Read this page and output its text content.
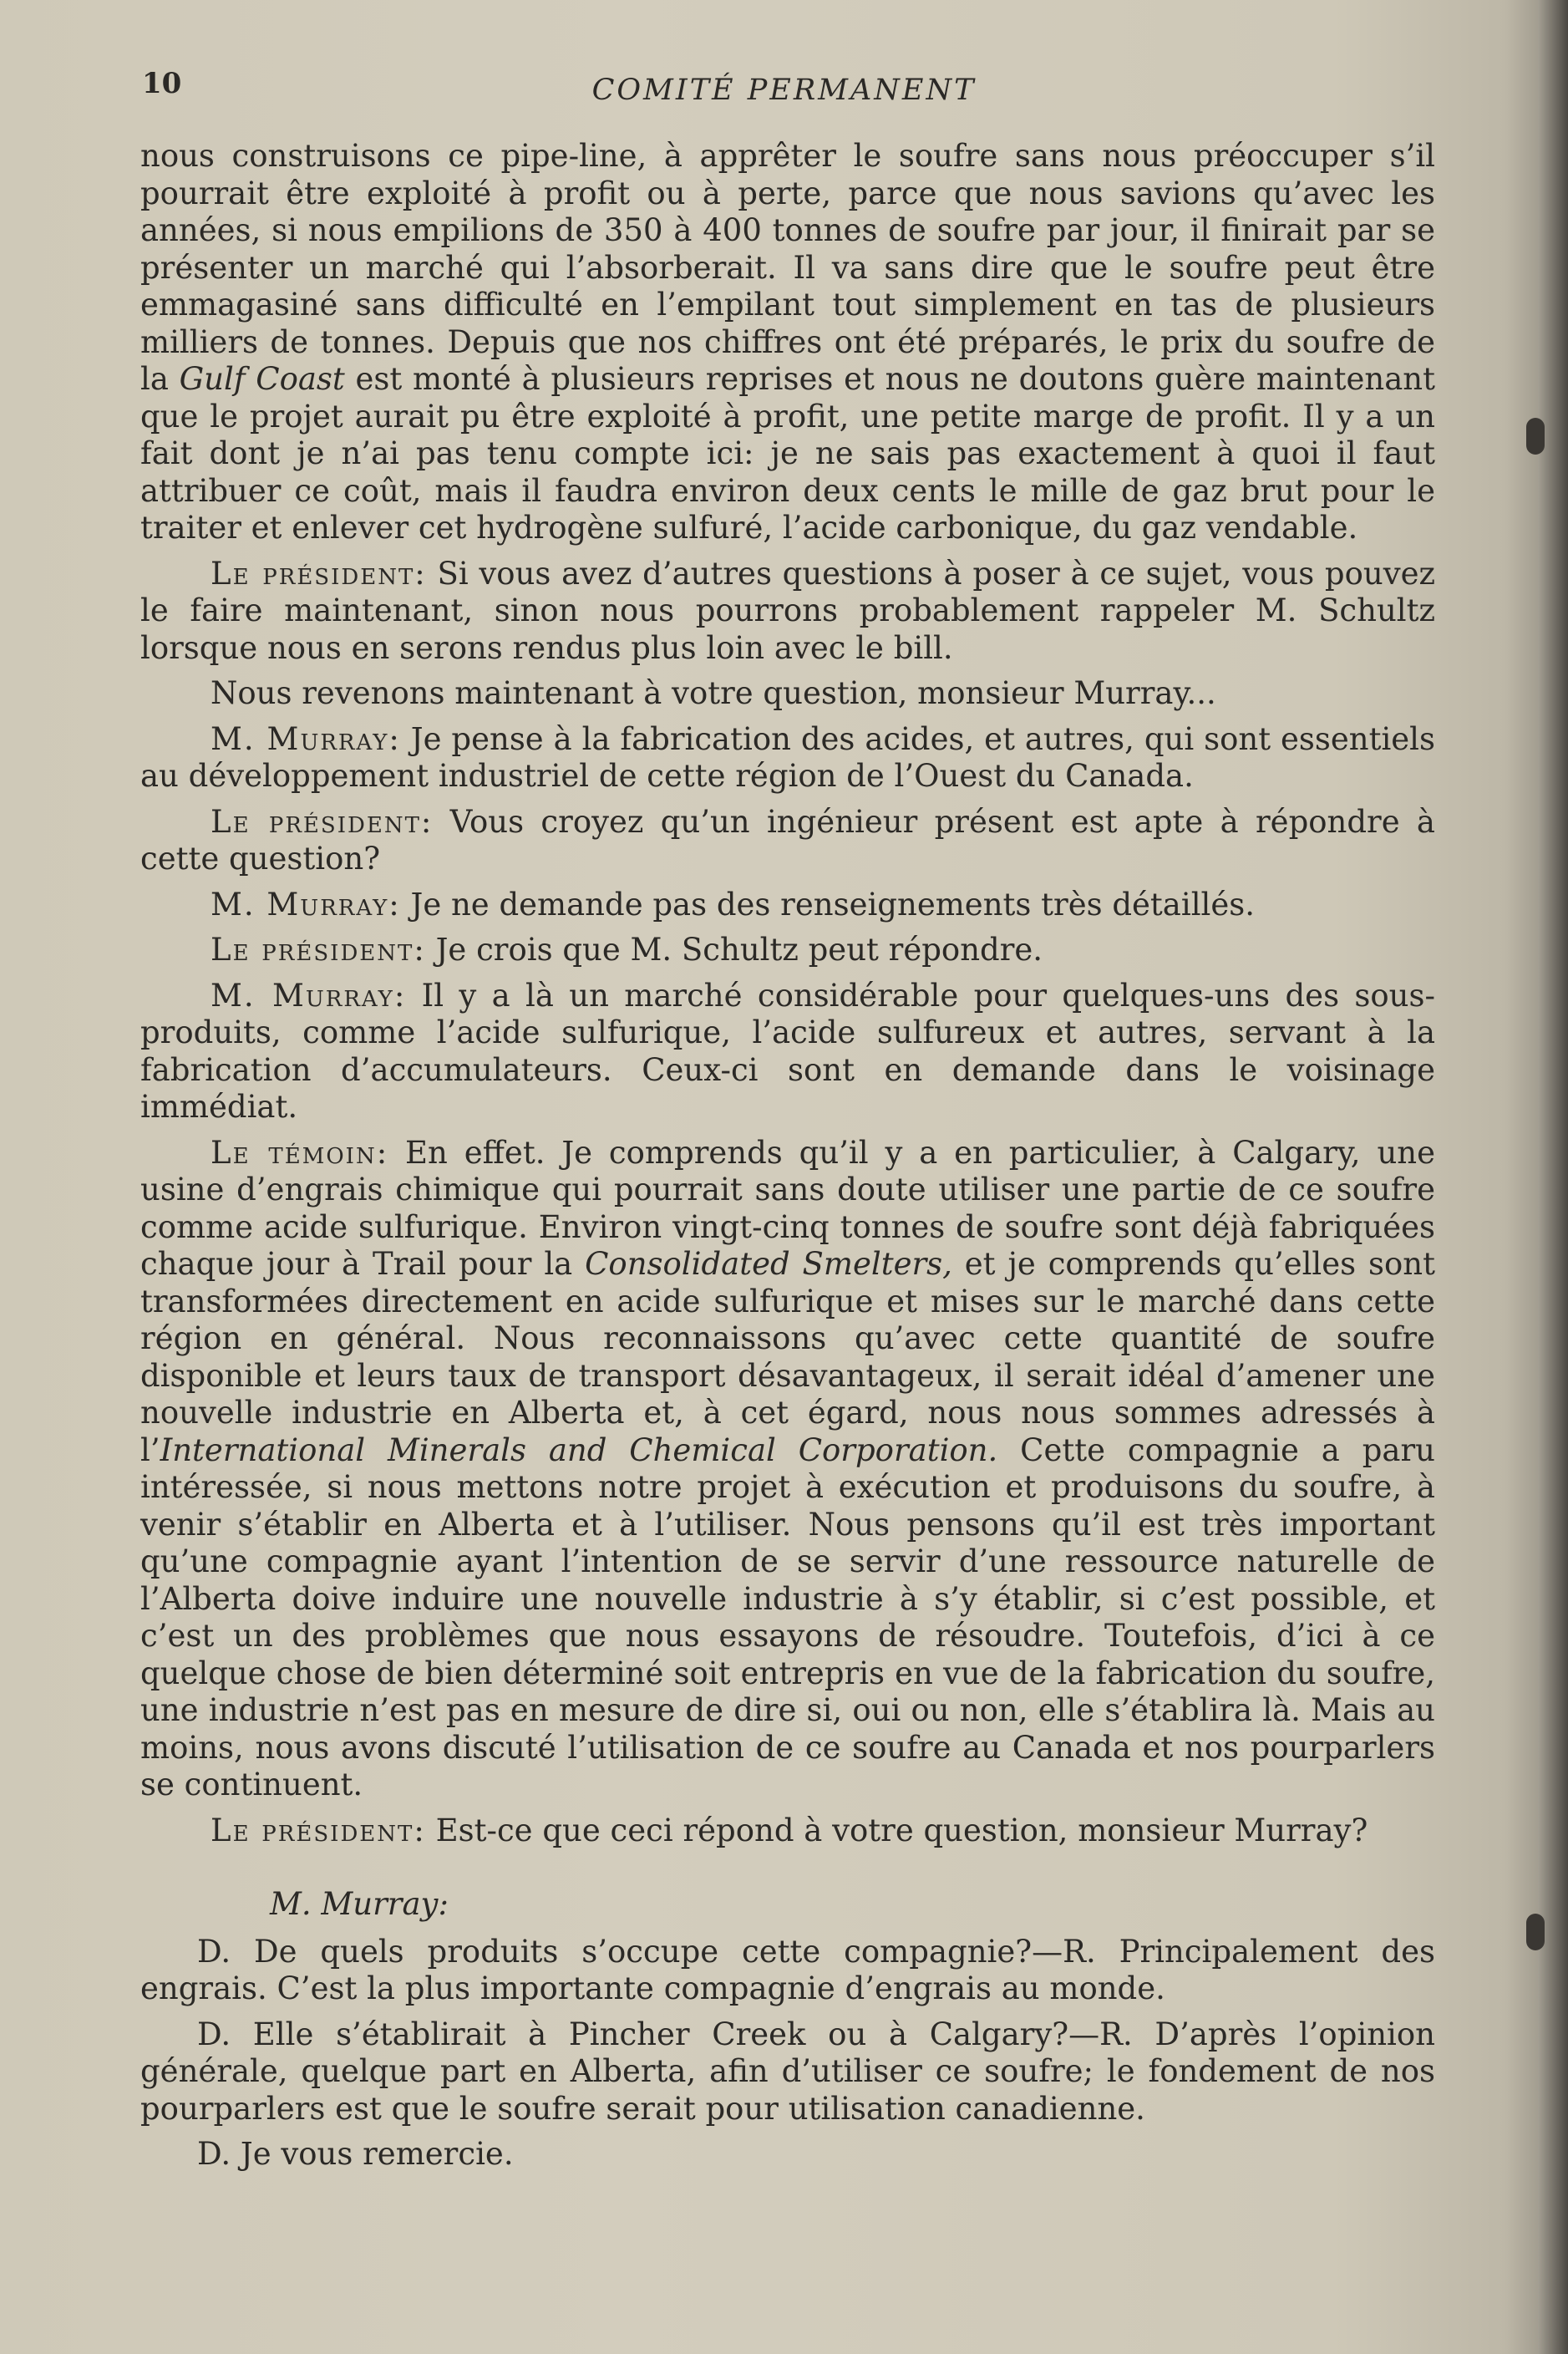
10	COMITÉ PERMANENT

nous construisons ce pipe-line, à apprêter le soufre sans nous préoccuper s’il pourrait être exploité à profit ou à perte, parce que nous savions qu’avec les années, si nous empilions de 350 à 400 tonnes de soufre par jour, il finirait par se présenter un marché qui l’absorberait. Il va sans dire que le soufre peut être emmagasiné sans difficulté en l’empilant tout simplement en tas de plusieurs milliers de tonnes. Depuis que nos chiffres ont été préparés, le prix du soufre de la Gulf Coast est monté à plusieurs reprises et nous ne doutons guère maintenant que le projet aurait pu être exploité à profit, une petite marge de profit. Il y a un fait dont je n’ai pas tenu compte ici: je ne sais pas exactement à quoi il faut attribuer ce coût, mais il faudra environ deux cents le mille de gaz brut pour le traiter et enlever cet hydrogène sulfuré, l’acide carbonique, du gaz vendable.

Le président: Si vous avez d’autres questions à poser à ce sujet, vous pouvez le faire maintenant, sinon nous pourrons probablement rappeler M. Schultz lorsque nous en serons rendus plus loin avec le bill.

Nous revenons maintenant à votre question, monsieur Murray...

M. Murray: Je pense à la fabrication des acides, et autres, qui sont essentiels au développement industriel de cette région de l’Ouest du Canada.

Le président: Vous croyez qu’un ingénieur présent est apte à répondre à cette question?

M. Murray: Je ne demande pas des renseignements très détaillés.

Le président: Je crois que M. Schultz peut répondre.

M. Murray: Il y a là un marché considérable pour quelques-uns des sous-produits, comme l’acide sulfurique, l’acide sulfureux et autres, servant à la fabrication d’accumulateurs. Ceux-ci sont en demande dans le voisinage immédiat.

Le témoin: En effet. Je comprends qu’il y a en particulier, à Calgary, une usine d’engrais chimique qui pourrait sans doute utiliser une partie de ce soufre comme acide sulfurique. Environ vingt-cinq tonnes de soufre sont déjà fabriquées chaque jour à Trail pour la Consolidated Smelters, et je comprends qu’elles sont transformées directement en acide sulfurique et mises sur le marché dans cette région en général. Nous reconnaissons qu’avec cette quantité de soufre disponible et leurs taux de transport désavantageux, il serait idéal d’amener une nouvelle industrie en Alberta et, à cet égard, nous nous sommes adressés à l’International Minerals and Chemical Corporation. Cette compagnie a paru intéressée, si nous mettons notre projet à exécution et produisons du soufre, à venir s’établir en Alberta et à l’utiliser. Nous pensons qu’il est très important qu’une compagnie ayant l’intention de se servir d’une ressource naturelle de l’Alberta doive induire une nouvelle industrie à s’y établir, si c’est possible, et c’est un des problèmes que nous essayons de résoudre. Toutefois, d’ici à ce quelque chose de bien déterminé soit entrepris en vue de la fabrication du soufre, une industrie n’est pas en mesure de dire si, oui ou non, elle s’établira là. Mais au moins, nous avons discuté l’utilisation de ce soufre au Canada et nos pourparlers se continuent.

Le président: Est-ce que ceci répond à votre question, monsieur Murray?

M. Murray:

D. De quels produits s’occupe cette compagnie?—R. Principalement des engrais. C’est la plus importante compagnie d’engrais au monde.

D. Elle s’établirait à Pincher Creek ou à Calgary?—R. D’après l’opinion générale, quelque part en Alberta, afin d’utiliser ce soufre; le fondement de nos pourparlers est que le soufre serait pour utilisation canadienne.

D. Je vous remercie.
